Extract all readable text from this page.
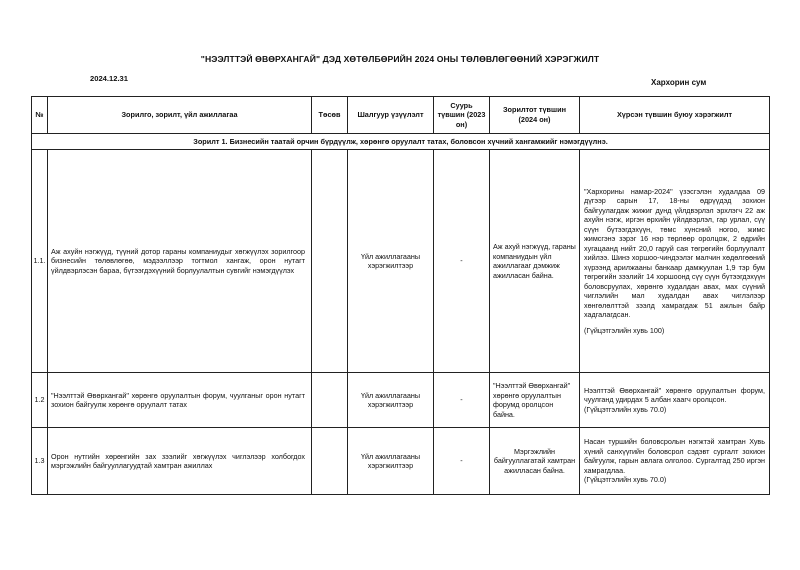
"НЭЭЛТТЭЙ ӨВӨРХАНГАЙ" ДЭД ХӨТӨЛБӨРИЙН 2024 ОНЫ ТӨЛӨВЛӨГӨӨНИЙ ХЭРЭГЖИЛТ
2024.12.31	Хархорин сум
№	Зорилго, зорилт, үйл ажиллагаа	Төсөв	Шалгуур үзүүлэлт	Суурь түвшин (2023 он)	Зорилтот түвшин (2024 он)	Хүрсэн түвшин буюу хэрэгжилт
Зорилт 1. Бизнесийн таатай орчин бүрдүүлж, хөрөнгө оруулалт татах, боловсон хүчний хангамжийг нэмэгдүүлнэ.						
1.1.	Аж ахуйн нэгжүүд, түүний дотор гараны компаниудыг хөгжүүлэх зорилгоор бизнесийн төлөвлөгөө, мэдээллээр тогтмол хангаж, орон нутагт үйлдвэрлэсэн бараа, бүтээгдэхүүний борлуулалтын сувгийг нэмэгдүүлэх		Үйл ажиллагааны хэрэгжилтээр	-	Аж ахуй нэгжүүд, гараны компаниудын үйл ажиллагааг дэмжиж ажилласан байна.	"Хархорины намар-2024" үзэсгэлэн худалдаа 09 дүгээр сарын 17, 18-ны өдрүүдэд зохион байгуулагдаж жижиг дунд үйлдвэрлэл эрхлэгч 22 аж ахуйн нэгж, иргэн өрхийн үйлдвэрлэл, гар урлал, сүү сүүн бүтээгдэхүүн, төмс хүнсний ногоо, жимс жимсгэнэ зэрэг 16 нэр төрлөөр оролцож, 2 өдрийн хугацаанд нийт 20,0 гаруй сая төгрөгийн борлуулалт хийлээ. Шинэ хоршоо-чиндээлэг малчин хөдөлгөөний хүрээнд арилжааны банкаар дамжуулан 1,9 тэр бум төгрөгийн зээлийг 14 хоршоонд сүү сүүн бүтээгдэхүүн боловсруулах, хөрөнгө худалдан авах, мах сүүний чиглэлийн мал худалдан авах чиглэлээр хөнгөлөлттэй зээлд хамрагдаж 51 ажлын байр хадгалагдсан.
(Гүйцэтгэлийн хувь 100)

1.2	"Нээлттэй Өвөрхангай" хөрөнгө оруулалтын форум, чуулганыг орон нутагт зохион байгуулж хөрөнгө оруулалт татах		Үйл ажиллагааны хэрэгжилтээр	-	"Нээлттэй Өвөрхангай" хөрөнгө оруулалтын форумд оролцсон байна.	Нээлттэй Өвөрхангай" хөрөнгө оруулалтын форум, чуулганд удирдах 5 албан хаагч оролцсон.
(Гүйцэтгэлийн хувь 70.0)

1.3	Орон нутгийн хөрөнгийн зах зээлийг хөгжүүлэх чиглэлээр холбогдох мэргэжлийн байгууллагуудтай хамтран ажиллах		Үйл ажиллагааны хэрэгжилтээр	-	Мэргэжлийн байгууллагатай хамтран ажилласан байна.	Насан туршийн боловсролын нэгжтэй хамтран Хувь хүний санхүүгийн боловсрол сэдэвт сургалт зохион байгуулж, гарын авлага олголоо. Сургалтад 250 иргэн хамрагдлаа.
(Гүйцэтгэлийн хувь 70.0)
